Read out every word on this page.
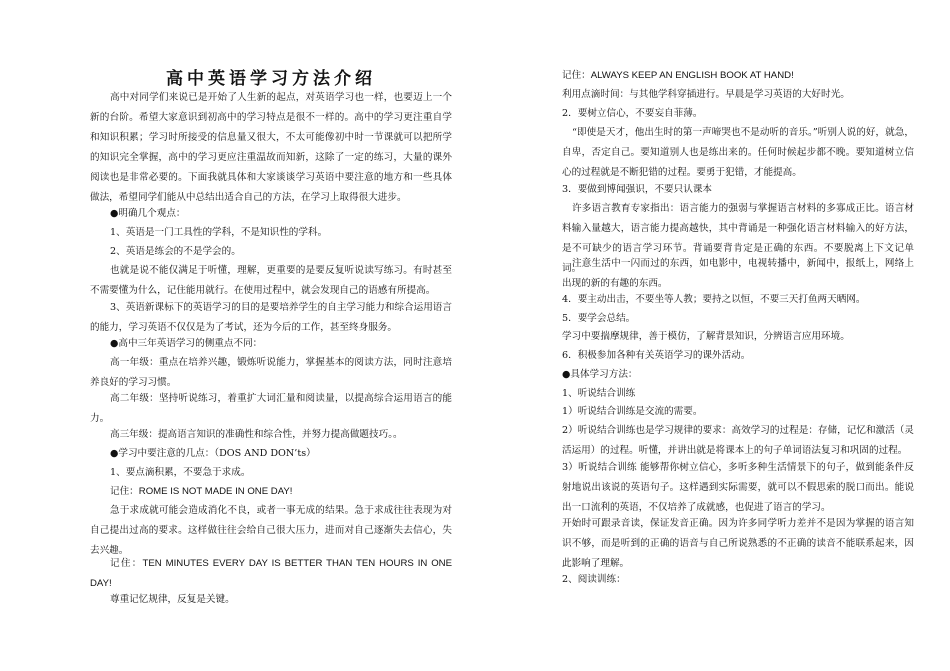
高中英语学习方法介绍

高中对同学们来说已是开始了人生新的起点，对英语学习也一样，也要迈上一个新的台阶。希望大家意识到初高中的学习特点是很不一样的。高中的学习更注重自学和知识积累；学习时所接受的信息量又很大，不太可能像初中时一节课就可以把所学的知识完全掌握，高中的学习更应注重温故而知新，这除了一定的练习，大量的课外阅读也是非常必要的。下面我就具体和大家谈谈学习英语中要注意的地方和一些具体做法，希望同学们能从中总结出适合自己的方法，在学习上取得很大进步。

●明确几个观点：

1、英语是一门工具性的学科，不是知识性的学科。

2、英语是练会的不是学会的。

也就是说不能仅满足于听懂，理解，更重要的是要反复听说读写练习。有时甚至不需要懂为什么，记住能用就行。在使用过程中，就会发现自己的语感有所提高。

3、英语新课标下的英语学习的目的是要培养学生的自主学习能力和综合运用语言的能力，学习英语不仅仅是为了考试，还为今后的工作，甚至终身服务。

●高中三年英语学习的侧重点不同：

高一年级：重点在培养兴趣，锻炼听说能力，掌握基本的阅读方法，同时注意培养良好的学习习惯。

高二年级：坚持听说练习，着重扩大词汇量和阅读量，以提高综合运用语言的能力。

高三年级：提高语言知识的准确性和综合性，并努力提高做题技巧。。

●学习中要注意的几点：（DOS AND DON’ts）

1、要点滴积累，不要急于求成。

记住：ROME IS NOT MADE IN ONE DAY!

急于求成就可能会造成消化不良，或者一事无成的结果。急于求成往往表现为对自己提出过高的要求。这样做往往会给自己很大压力，进而对自己逐渐失去信心，失去兴趣。

记住：TEN MINUTES EVERY DAY IS BETTER THAN TEN HOURS IN ONE DAY!

尊重记忆规律，反复是关键。

记住：ALWAYS KEEP AN ENGLISH BOOK AT HAND!

利用点滴时间：与其他学科穿插进行。早晨是学习英语的大好时光。

2．要树立信心，不要妄自菲薄。

“即使是天才，他出生时的第一声啼哭也不是动听的音乐。”听别人说的好，就急，自卑，否定自己。要知道别人也是练出来的。任何时候起步都不晚。要知道树立信心的过程就是不断犯错的过程。要勇于犯错，才能提高。

3．要做到博闻强识，不要只认课本

许多语言教育专家指出：语言能力的强弱与掌握语言材料的多寡成正比。语言材料输入量越大，语言能力提高越快，其中背诵是一种强化语言材料输入的好方法，是不可缺少的语言学习环节。背诵要背肯定是正确的东西。不要脱离上下文记单词。

注意生活中一闪而过的东西，如电影中，电视转播中，新闻中，报纸上，网络上出现的新的有趣的东西。

4．要主动出击，不要坐等人教；要持之以恒，不要三天打鱼两天晒网。

5．要学会总结。

学习中要揣摩规律，善于模仿，了解背景知识，分辨语言应用环境。

6．积极参加各种有关英语学习的课外活动。

●具体学习方法：

1、听说结合训练

1）听说结合训练是交流的需要。

2）听说结合训练也是学习规律的要求：高效学习的过程是：存储，记忆和激活（灵活运用）的过程。听懂，并讲出就是将课本上的句子单词语法复习和巩固的过程。

3）听说结合训练 能够帮你树立信心，多听多种生活情景下的句子，做到能条件反射地说出该说的英语句子。这样遇到实际需要，就可以不假思索的脱口而出。能说出一口流利的英语，不仅培养了成就感，也促进了语言的学习。

开始时可跟录音读，保证发音正确。因为许多同学听力差并不是因为掌握的语言知识不够，而是听到的正确的语音与自己所说熟悉的不正确的读音不能联系起来，因此影响了理解。

2、阅读训练：
